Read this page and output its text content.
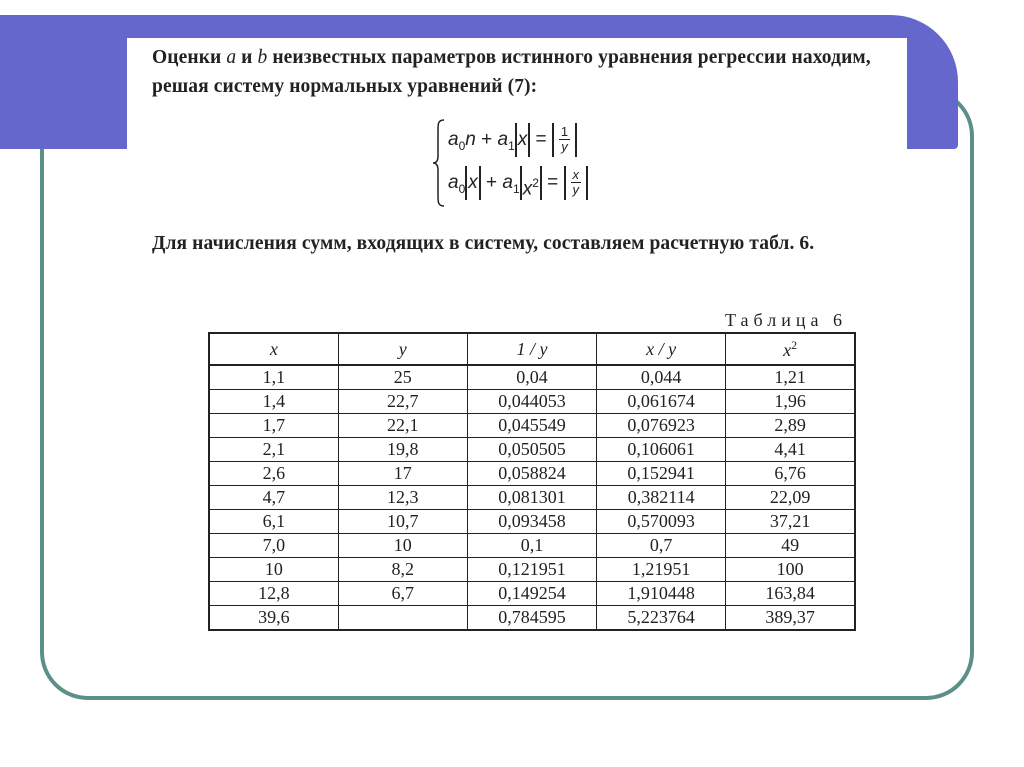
Оценки a и b неизвестных параметров истинного уравнения регрессии находим, решая систему нормальных уравнений (7):
$a_0n + a_1$ $x = \frac{1}{y}$
$a_0$ $x + a_1$ $x^2 = \frac{x}{y}$
Для начисления сумм, входящих в систему, составляем расчетную табл. 6.
Таблица 6
x	y	1 / y	x / y	$x^2$
1,1	25	0,04	0,044	1,21
1,4	22,7	0,044053	0,061674	1,96
1,7	22,1	0,045549	0,076923	2,89
2,1	19,8	0,050505	0,106061	4,41
2,6	17	0,058824	0,152941	6,76
4,7	12,3	0,081301	0,382114	22,09
6,1	10,7	0,093458	0,570093	37,21
7,0	10	0,1	0,7	49
10	8,2	0,121951	1,21951	100
12,8	6,7	0,149254	1,910448	163,84
39,6		0,784595	5,223764	389,37
